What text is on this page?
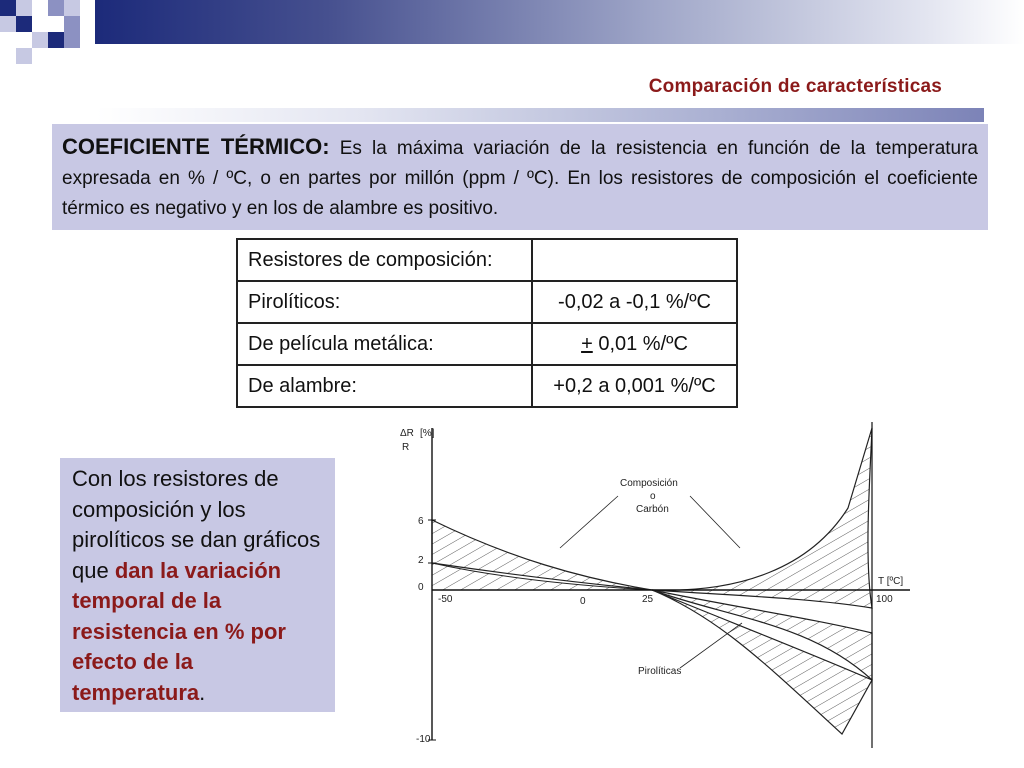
Comparación de características
COEFICIENTE TÉRMICO: Es la máxima variación de la resistencia en función de la temperatura expresada en % / ºC, o en partes por millón (ppm / ºC). En los resistores de composición el coeficiente térmico es negativo y en los de alambre es positivo.
Resistores de composición:	
Pirolíticos:	-0,02 a -0,1 %/ºC
De película metálica:	+ 0,01 %/ºC
De alambre:	+0,2 a 0,001 %/ºC
Con los resistores de composición y los pirolíticos se dan gráficos que dan la variación temporal de la resistencia en % por efecto de la temperatura.
ΔR [%]
R
T [ºC]
6
2
0
-10
-50	0	25	100
Composición
o
Carbón
Pirolíticas
